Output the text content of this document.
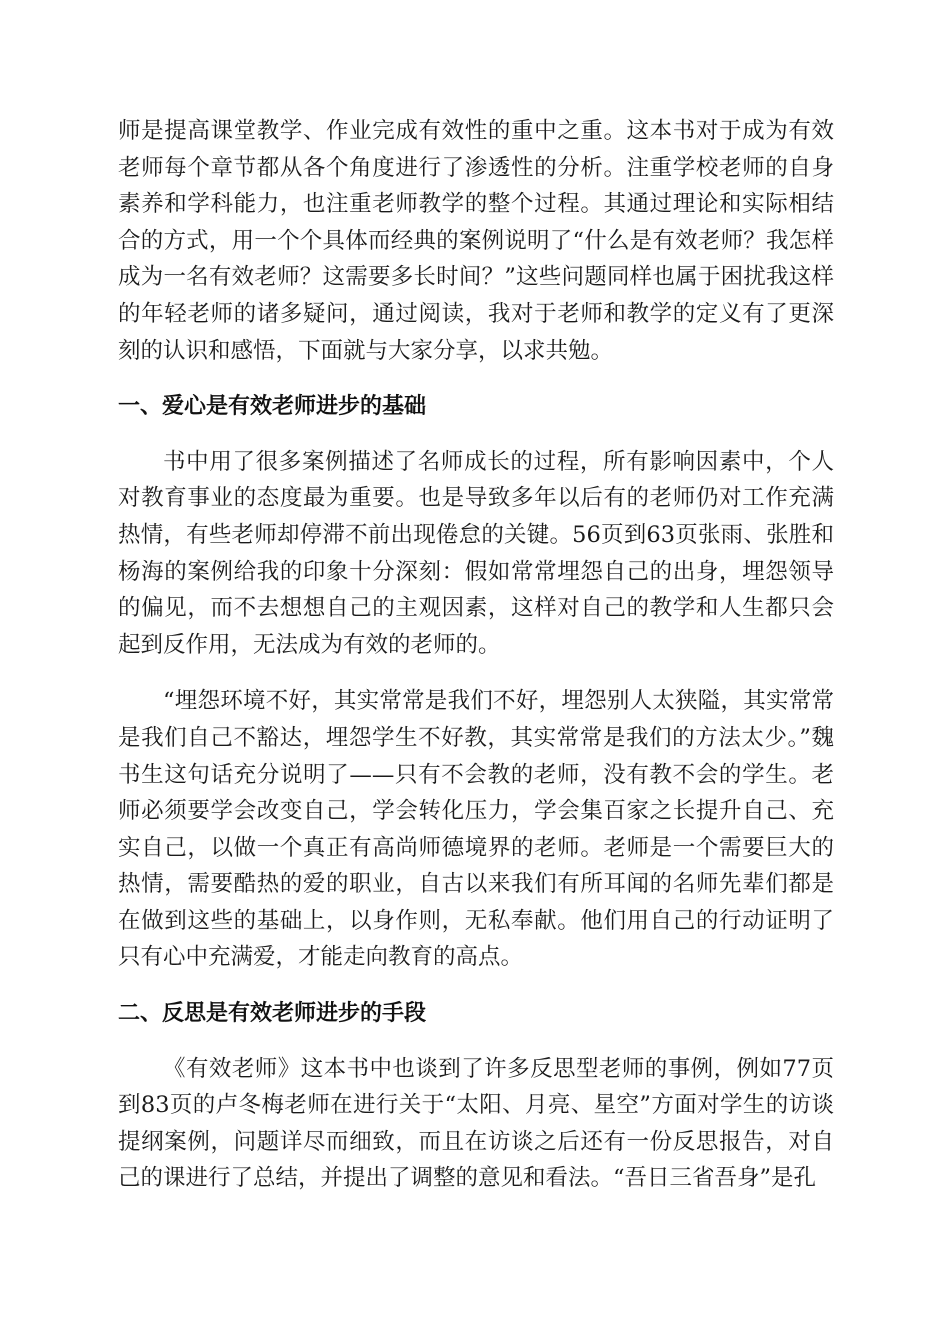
师是提高课堂教学、作业完成有效性的重中之重。这本书对于成为有效老师每个章节都从各个角度进行了渗透性的分析。注重学校老师的自身素养和学科能力，也注重老师教学的整个过程。其通过理论和实际相结合的方式，用一个个具体而经典的案例说明了“什么是有效老师？我怎样成为一名有效老师？这需要多长时间？”这些问题同样也属于困扰我这样的年轻老师的诸多疑问，通过阅读，我对于老师和教学的定义有了更深刻的认识和感悟，下面就与大家分享，以求共勉。

一、爱心是有效老师进步的基础

书中用了很多案例描述了名师成长的过程，所有影响因素中，个人对教育事业的态度最为重要。也是导致多年以后有的老师仍对工作充满热情，有些老师却停滞不前出现倦怠的关键。56页到63页张雨、张胜和杨海的案例给我的印象十分深刻：假如常常埋怨自己的出身，埋怨领导的偏见，而不去想想自己的主观因素，这样对自己的教学和人生都只会起到反作用，无法成为有效的老师的。

“埋怨环境不好，其实常常是我们不好，埋怨别人太狭隘，其实常常是我们自己不豁达，埋怨学生不好教，其实常常是我们的方法太少。”魏书生这句话充分说明了——只有不会教的老师，没有教不会的学生。老师必须要学会改变自己，学会转化压力，学会集百家之长提升自己、充实自己，以做一个真正有高尚师德境界的老师。老师是一个需要巨大的热情，需要酷热的爱的职业，自古以来我们有所耳闻的名师先辈们都是在做到这些的基础上，以身作则，无私奉献。他们用自己的行动证明了只有心中充满爱，才能走向教育的高点。

二、反思是有效老师进步的手段

《有效老师》这本书中也谈到了许多反思型老师的事例，例如77页到83页的卢冬梅老师在进行关于“太阳、月亮、星空”方面对学生的访谈提纲案例，问题详尽而细致，而且在访谈之后还有一份反思报告，对自己的课进行了总结，并提出了调整的意见和看法。“吾日三省吾身”是孔
